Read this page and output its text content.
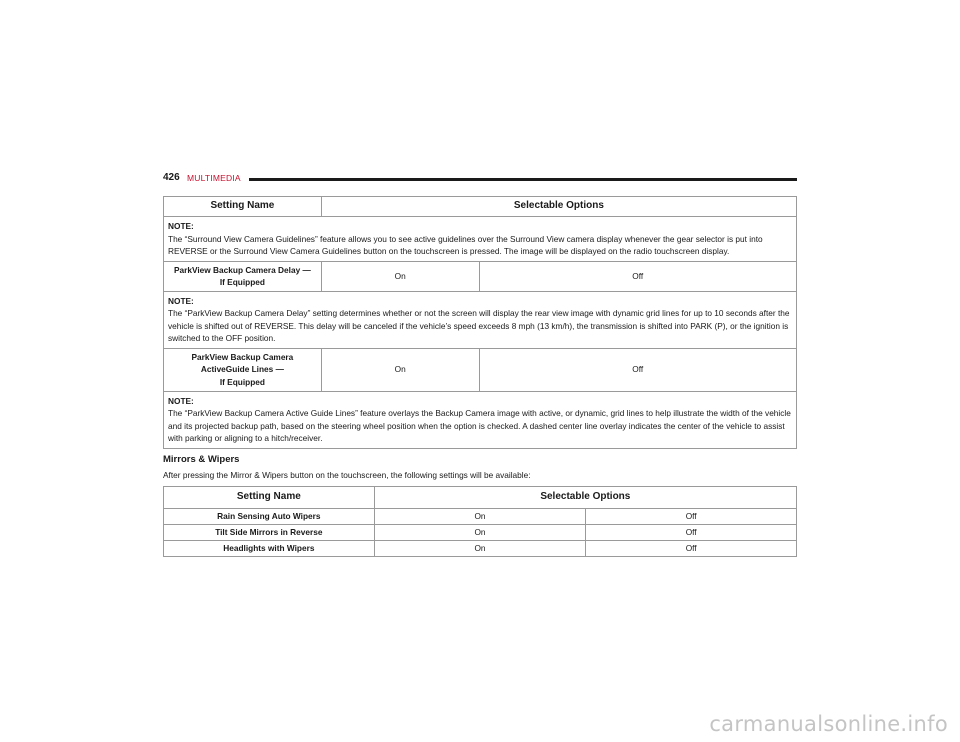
426 MULTIMEDIA
Setting Name	Selectable Options	

NOTE:
The “Surround View Camera Guidelines” feature allows you to see active guidelines over the Surround View camera display whenever the gear selector is put into REVERSE or the Surround View Camera Guidelines button on the touchscreen is pressed. The image will be displayed on the radio touchscreen display.		
ParkView Backup Camera Delay —
If Equipped	On	Off

NOTE:
The “ParkView Backup Camera Delay” setting determines whether or not the screen will display the rear view image with dynamic grid lines for up to 10 seconds after the vehicle is shifted out of REVERSE. This delay will be canceled if the vehicle’s speed exceeds 8 mph (13 km/h), the transmission is shifted into PARK (P), or the ignition is switched to the OFF position.		
ParkView Backup Camera
ActiveGuide Lines —
If Equipped	On	Off

NOTE:
The “ParkView Backup Camera Active Guide Lines” feature overlays the Backup Camera image with active, or dynamic, grid lines to help illustrate the width of the vehicle and its projected backup path, based on the steering wheel position when the option is checked. A dashed center line overlay indicates the center of the vehicle to assist with parking or aligning to a hitch/receiver.		
Mirrors & Wipers
After pressing the Mirror & Wipers button on the touchscreen, the following settings will be available:
Setting Name	Selectable Options	
Rain Sensing Auto Wipers	On	Off
Tilt Side Mirrors in Reverse	On	Off
Headlights with Wipers	On	Off
carmanualsonline.info
